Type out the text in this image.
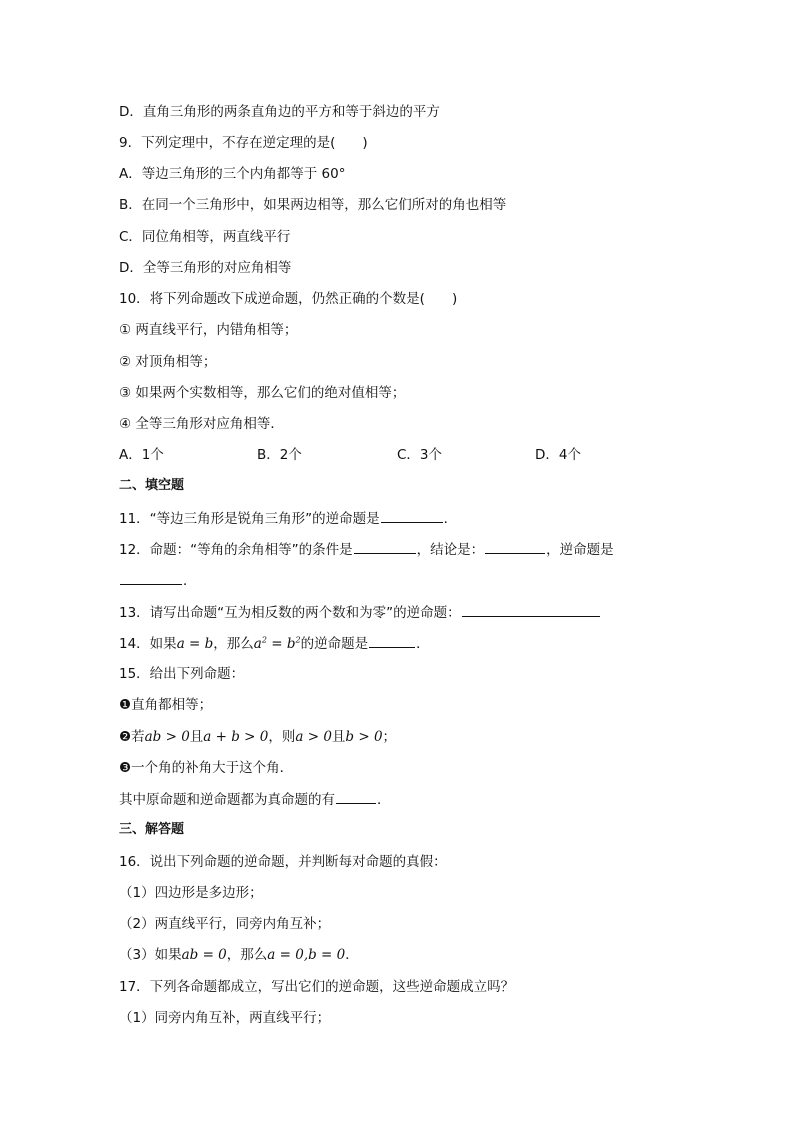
D．直角三角形的两条直角边的平方和等于斜边的平方
9．下列定理中，不存在逆定理的是(　　)
A．等边三角形的三个内角都等于 60°
B．在同一个三角形中，如果两边相等，那么它们所对的角也相等
C．同位角相等，两直线平行
D．全等三角形的对应角相等
10．将下列命题改下成逆命题，仍然正确的个数是(　　)
① 两直线平行，内错角相等；
② 对顶角相等；
③ 如果两个实数相等，那么它们的绝对值相等；
④ 全等三角形对应角相等．
A．1个	B．2个	C．3个	D．4个
二、填空题
11．“等边三角形是锐角三角形”的逆命题是	．
12．命题：“等角的余角相等”的条件是	，结论是：	，逆命题是
．
13．请写出命题“互为相反数的两个数和为零”的逆命题：
14．如果a = b，那么$a^2 = b^2$的逆命题是	．
15．给出下列命题：
❶直角都相等；
❷若ab > 0且a + b > 0，则a > 0且b > 0；
❸一个角的补角大于这个角．
其中原命题和逆命题都为真命题的有	．
三、解答题
16．说出下列命题的逆命题，并判断每对命题的真假：
（1）四边形是多边形；
（2）两直线平行，同旁内角互补；
（3）如果ab = 0，那么a = 0,b = 0．
17．下列各命题都成立，写出它们的逆命题，这些逆命题成立吗？
（1）同旁内角互补，两直线平行；
